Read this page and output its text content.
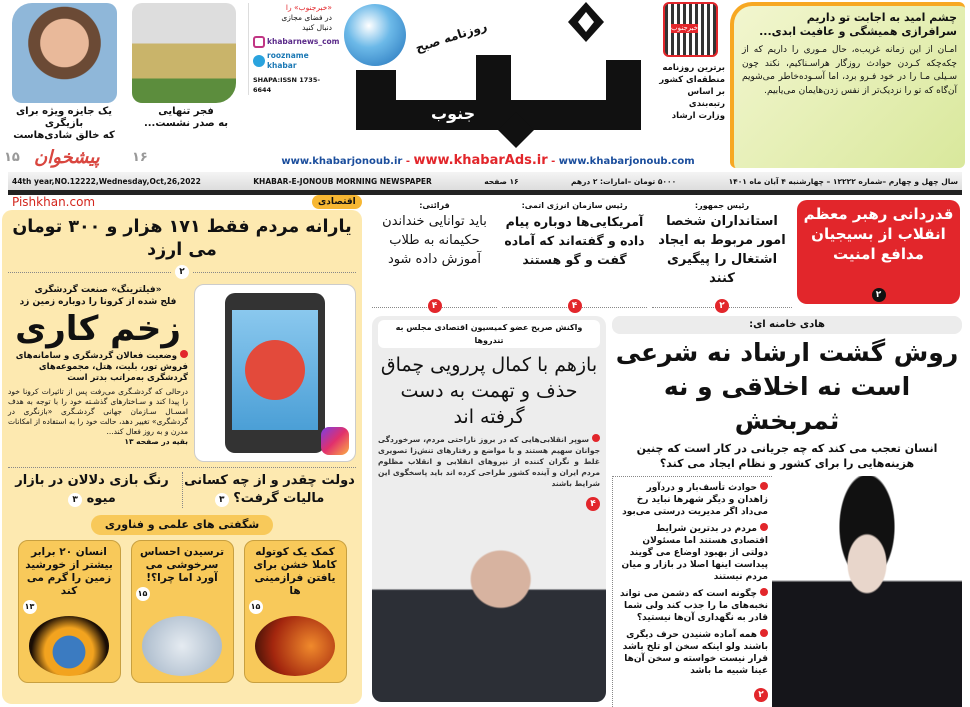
یک جایزه ویژه برای بازیگری
که خالق شادی‌هاست
۱۵
فجر تنهایی
به صدر نشست...
۱۶
«خبرجنوب» را
در فضای مجازی
دنبال کنید
khabarnews_com
roozname khabar
SHAPA:ISSN 1735-6644
روزنامه صبح
جنوب
خبرجنوب
برترین روزنامه
منطقه‌ای کشور
بر اساس
رتبه‌بندی
وزارت ارشاد
چشم امید به اجابت تو داریم
سرافرازی همیشگی و عافیت ابدی...
امـان از این زمانه غریب‌ه، حال مـوری را داریم که از چکه‌چکه کـردن حوادث روزگار هراسـناکیم، نکند چون سـیلی مـا را در خود فـرو برد، اما آسـوده‌خاطر می‌شویم آن‌گاه که تو را نزدیک‌تر از نفس زدن‌هایمان می‌یابیم.
www.khabarjonoub.ir - www.khabarAds.ir - www.khabarjonoub.com
44th year,NO.12222,Wednesday,Oct,26,2022	KHABAR-E-JONOUB MORNING NEWSPAPER	۱۶ صفحه	۵۰۰۰ تومان –امارات: ۲ درهم	سال چهل و چهارم –شماره ۱۲۲۲۲ – چهارشنبه ۴ آبان ماه ۱۴۰۱
پیشخوان
Pishkhan.com	اقتصادی
یارانه مردم فقط ۱۷۱ هزار و ۳۰۰ تومان می ارزد
۲
«فیلترینگ» صنعت گردشگری
فلج شده از کرونا را دوباره زمین زد
زخم کاری
وضعیت فعالان گردشگری و سامانه‌های فروش تور، بلیت، هتل، مجموعه‌های گردشگری به‌مراتب بدتر است
درحالی که گردشـگری می‌رفت پس از تاثیرات کرونا خود را پیدا کند و سـاختارهای گذشـته خود را با توجه به هدف امسـال سـازمان جهانی گردشـگری «بازنگری در گردشگری» تغییر دهد، حالت خود را به استفاده از امکانات مدرن و به روز فعال کند...
بقیه در صفحه ۱۳
رنگ بازی دلالان در بازار میوه ۳
دولت چقدر و از چه کسانی مالیات گرفت؟ ۳
شگفتی های علمی و فناوری
انسان ۲۰ برابر بیشتر از خورشید زمین را گرم می کند
۱۳
ترسیدن احساس سرخوشی می آورد اما چرا؟!
۱۵
کمک یک کوتوله کاملا خشن برای یافتن فرازمینی ها
۱۵
قرائتی:
باید توانایی خنداندن حکیمانه به طلاب آموزش داده شود
۴
رئیس سازمان انرژی اتمی:
آمریکایی‌ها دوباره پیام داده و گفته‌اند که آماده گفت و گو هستند
۴
رئیس جمهور:
استانداران شخصا امور مربوط به ایجاد اشتغال را پیگیری کنند
۲
قدردانی رهبر معظم انقلاب از بسیجیان مدافع امنیت
۲
واکنش صریح عضو کمیسیون اقتصادی مجلس به تندروها
بازهم با کمال پررویی چماق حذف و تهمت به دست گرفته اند
سوپر انقلابی‌هایی که در بروز ناراحتی مردم، سرخوردگی جوانان سهیم هستند و با مواضع و رفتارهای تنش‌زا تصویری غلط و نگران کننده از نیروهای انقلابی و انقلاب مظلوم مردم ایران و آینده کشور طراحی کرده اند باید پاسخگوی این شرایط باشند
۴
هادی خامنه ای:
روش گشت ارشاد نه شرعی است نه اخلاقی و نه ثمربخش
انسان تعجب می کند که چه جریانی در کار است که چنین هزینه‌هایی را برای کشور و نظام ایجاد می کند؟
حوادث تأسف‌بار و دردآور زاهدان و دیگر شهرها نباید رخ می‌داد اگر مدیریت درستی می‌بود
مردم در بدترین شرایط اقتصادی هستند اما مسئولان دولتی از بهبود اوضاع می گویند پیداست اینها اصلا در بازار و میان مردم نیستند
چگونه است که دشمن می تواند نخبه‌های ما را جذب کند ولی شما قادر به نگهداری آن‌ها نیستید؟
همه آماده شنیدن حرف دیگری باشند ولو اینکه سخن او تلخ باشد قرار نیست خواسته و سخن آن‌ها عینا شبیه ما باشد
۲
